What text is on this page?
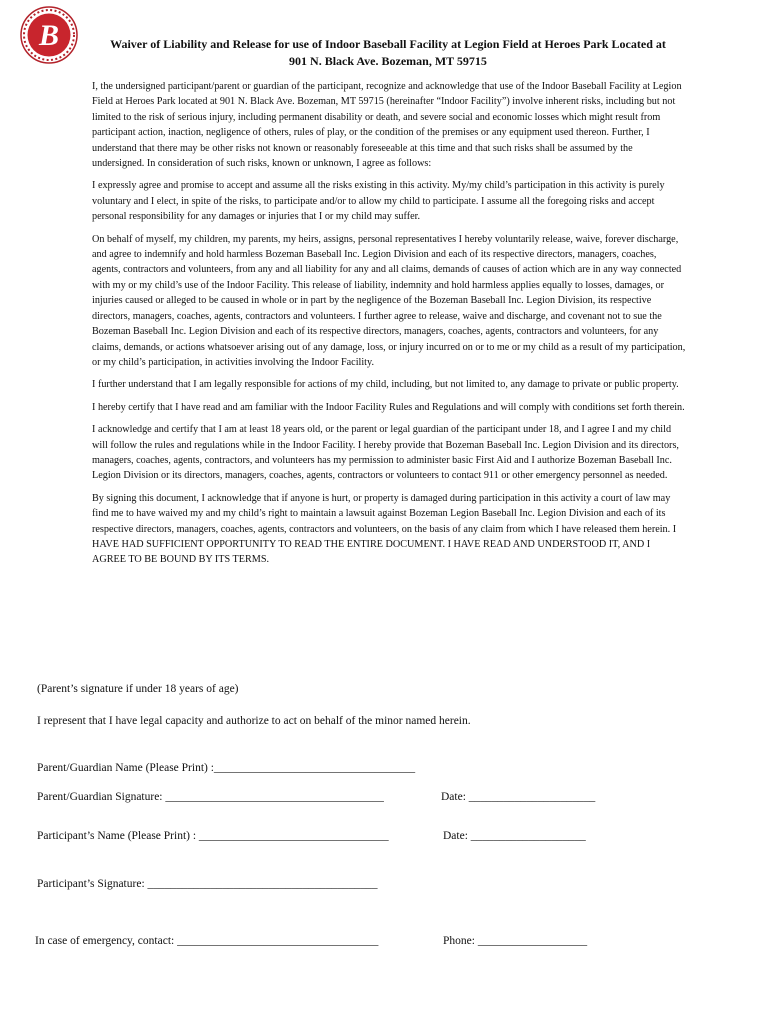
B	Waiver of Liability and Release for use of Indoor Baseball Facility at Legion Field at Heroes Park Located at
901 N. Black Ave. Bozeman, MT 59715

I, the undersigned participant/parent or guardian of the participant, recognize and acknowledge that use of the Indoor Baseball Facility at Legion Field at Heroes Park located at 901 N. Black Ave. Bozeman, MT 59715 (hereinafter “Indoor Facility”) involve inherent risks, including but not limited to the risk of serious injury, including permanent disability or death, and severe social and economic losses which might result from participant action, inaction, negligence of others, rules of play, or the condition of the premises or any equipment used thereon. Further, I understand that there may be other risks not known or reasonably foreseeable at this time and that such risks shall be assumed by the undersigned. In consideration of such risks, known or unknown, I agree as follows:

I expressly agree and promise to accept and assume all the risks existing in this activity. My/my child’s participation in this activity is purely voluntary and I elect, in spite of the risks, to participate and/or to allow my child to participate. I assume all the foregoing risks and accept personal responsibility for any damages or injuries that I or my child may suffer.

On behalf of myself, my children, my parents, my heirs, assigns, personal representatives I hereby voluntarily release, waive, forever discharge, and agree to indemnify and hold harmless Bozeman Baseball Inc. Legion Division and each of its respective directors, managers, coaches, agents, contractors and volunteers, from any and all liability for any and all claims, demands of causes of action which are in any way connected with my or my child’s use of the Indoor Facility. This release of liability, indemnity and hold harmless applies equally to losses, damages, or injuries caused or alleged to be caused in whole or in part by the negligence of the Bozeman Baseball Inc. Legion Division, its respective directors, managers, coaches, agents, contractors and volunteers. I further agree to release, waive and discharge, and covenant not to sue the Bozeman Baseball Inc. Legion Division and each of its respective directors, managers, coaches, agents, contractors and volunteers, for any claims, demands, or actions whatsoever arising out of any damage, loss, or injury incurred on or to me or my child as a result of my participation, or my child’s participation, in activities involving the Indoor Facility.

I further understand that I am legally responsible for actions of my child, including, but not limited to, any damage to private or public property.

I hereby certify that I have read and am familiar with the Indoor Facility Rules and Regulations and will comply with conditions set forth therein.

I acknowledge and certify that I am at least 18 years old, or the parent or legal guardian of the participant under 18, and I agree I and my child will follow the rules and regulations while in the Indoor Facility. I hereby provide that Bozeman Baseball Inc. Legion Division and its directors, managers, coaches, agents, contractors, and volunteers has my permission to administer basic First Aid and I authorize Bozeman Baseball Inc. Legion Division or its directors, managers, coaches, agents, contractors or volunteers to contact 911 or other emergency personnel as needed.

By signing this document, I acknowledge that if anyone is hurt, or property is damaged during participation in this activity a court of law may find me to have waived my and my child’s right to maintain a lawsuit against Bozeman Legion Baseball Inc. Legion Division and each of its respective directors, managers, coaches, agents, contractors and volunteers, on the basis of any claim from which I have released them herein. I HAVE HAD SUFFICIENT OPPORTUNITY TO READ THE ENTIRE DOCUMENT. I HAVE READ AND UNDERSTOOD IT, AND I AGREE TO BE BOUND BY ITS TERMS.

(Parent’s signature if under 18 years of age)
I represent that I have legal capacity and authorize to act on behalf of the minor named herein.
Parent/Guardian Name (Please Print) :___________________________________
Parent/Guardian Signature: ______________________________________	Date: ______________________
Participant’s Name (Please Print) : _________________________________	Date: ____________________
Participant’s Signature: ________________________________________
In case of emergency, contact: ___________________________________	Phone: ___________________
